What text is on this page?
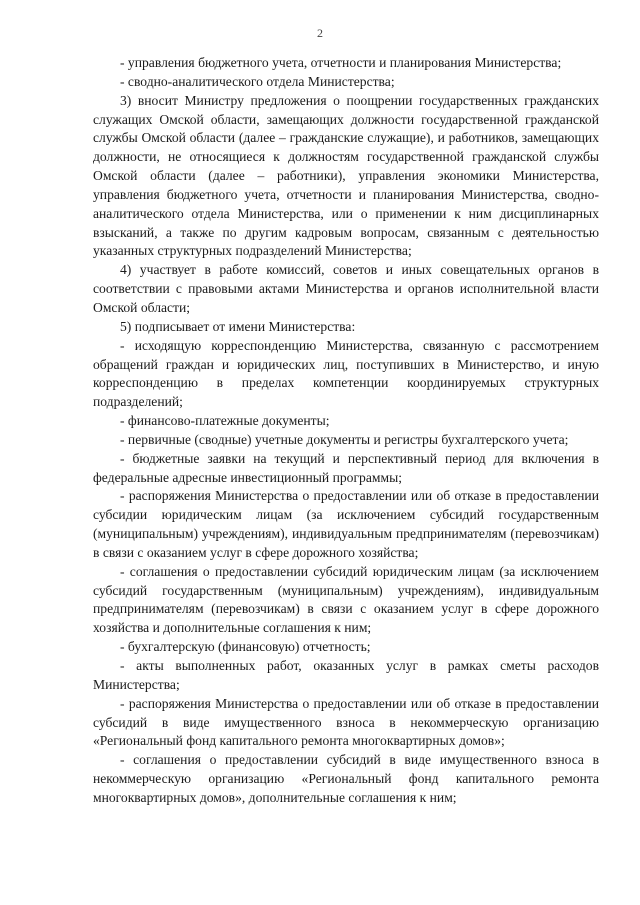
2

- управления бюджетного учета, отчетности и планирования Министерства;

- сводно-аналитического отдела Министерства;

3) вносит Министру предложения о поощрении государственных гражданских служащих Омской области, замещающих должности государственной гражданской службы Омской области (далее – гражданские служащие), и работников, замещающих должности, не относящиеся к должностям государственной гражданской службы Омской области (далее – работники), управления экономики Министерства, управления бюджетного учета, отчетности и планирования Министерства, сводно-аналитического отдела Министерства, или о применении к ним дисциплинарных взысканий, а также по другим кадровым вопросам, связанным с деятельностью указанных структурных подразделений Министерства;

4) участвует в работе комиссий, советов и иных совещательных органов в соответствии с правовыми актами Министерства и органов исполнительной власти Омской области;

5) подписывает от имени Министерства:

- исходящую корреспонденцию Министерства, связанную с рассмотрением обращений граждан и юридических лиц, поступивших в Министерство, и иную корреспонденцию в пределах компетенции координируемых структурных подразделений;

- финансово-платежные документы;

- первичные (сводные) учетные документы и регистры бухгалтерского учета;

- бюджетные заявки на текущий и перспективный период для включения в федеральные адресные инвестиционный программы;

- распоряжения Министерства о предоставлении или об отказе в предоставлении субсидии юридическим лицам (за исключением субсидий государственным (муниципальным) учреждениям), индивидуальным предпринимателям (перевозчикам) в связи с оказанием услуг в сфере дорожного хозяйства;

- соглашения о предоставлении субсидий юридическим лицам (за исключением субсидий государственным (муниципальным) учреждениям), индивидуальным предпринимателям (перевозчикам) в связи с оказанием услуг в сфере дорожного хозяйства и дополнительные соглашения к ним;

- бухгалтерскую (финансовую) отчетность;

- акты выполненных работ, оказанных услуг в рамках сметы расходов Министерства;

- распоряжения Министерства о предоставлении или об отказе в предоставлении субсидий в виде имущественного взноса в некоммерческую организацию «Региональный фонд капитального ремонта многоквартирных домов»;

- соглашения о предоставлении субсидий в виде имущественного взноса в некоммерческую организацию «Региональный фонд капитального ремонта многоквартирных домов», дополнительные соглашения к ним;
